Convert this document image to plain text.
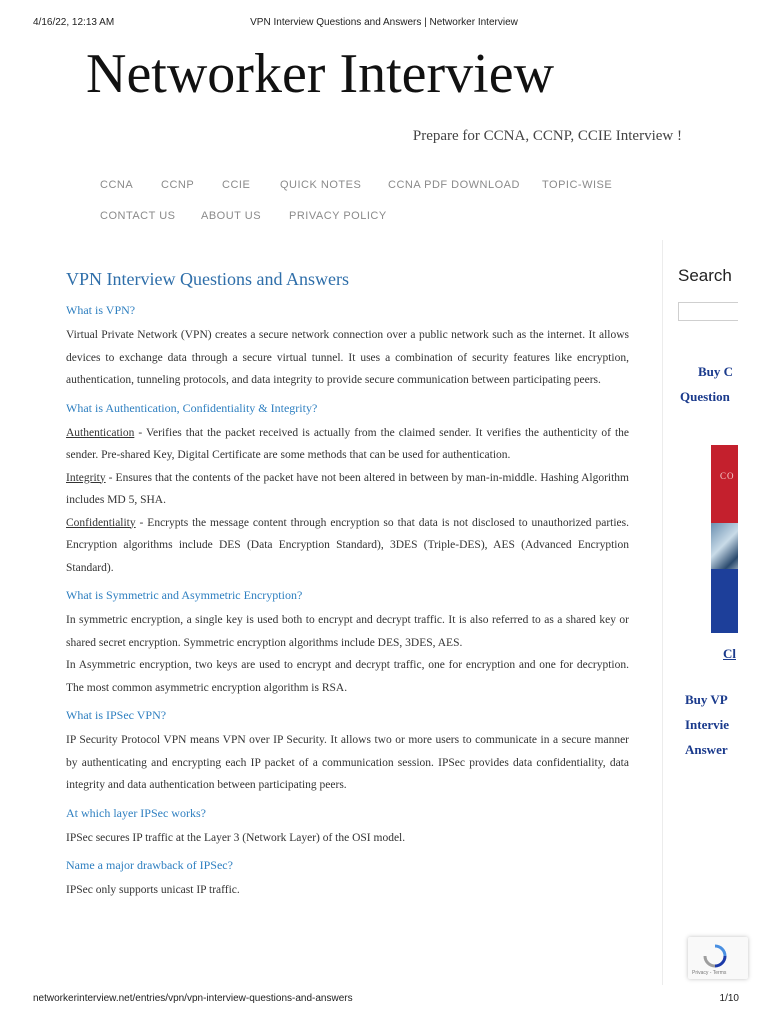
4/16/22, 12:13 AM	VPN Interview Questions and Answers | Networker Interview
Networker Interview
Prepare for CCNA, CCNP, CCIE Interview !
CCNA	CCNP	CCIE	QUICK NOTES CCNA PDF DOWNLOAD TOPIC-WISE
CONTACT US ABOUT US	PRIVACY POLICY
VPN Interview Questions and Answers
What is VPN?

Virtual Private Network (VPN) creates a secure network connection over a public network such as the internet. It allows devices to exchange data through a secure virtual tunnel. It uses a combination of security features like encryption, authentication, tunneling protocols, and data integrity to provide secure communication between participating peers.

What is Authentication, Confidentiality & Integrity?

Authentication - Verifies that the packet received is actually from the claimed sender. It verifies the authenticity of the sender. Pre-shared Key, Digital Certificate are some methods that can be used for authentication.

Integrity - Ensures that the contents of the packet have not been altered in between by man-in-middle. Hashing Algorithm includes MD 5, SHA.

Confidentiality - Encrypts the message content through encryption so that data is not disclosed to unauthorized parties. Encryption algorithms include DES (Data Encryption Standard), 3DES (Triple-DES), AES (Advanced Encryption Standard).

What is Symmetric and Asymmetric Encryption?

In symmetric encryption, a single key is used both to encrypt and decrypt traffic. It is also referred to as a shared key or shared secret encryption. Symmetric encryption algorithms include DES, 3DES, AES.

In Asymmetric encryption, two keys are used to encrypt and decrypt traffic, one for encryption and one for decryption. The most common asymmetric encryption algorithm is RSA.

What is IPSec VPN?

IP Security Protocol VPN means VPN over IP Security. It allows two or more users to communicate in a secure manner by authenticating and encrypting each IP packet of a communication session. IPSec provides data confidentiality, data integrity and data authentication between participating peers.

At which layer IPSec works?

IPSec secures IP traffic at the Layer 3 (Network Layer) of the OSI model.

Name a major drawback of IPSec?

IPSec only supports unicast IP traffic.

Search
Buy C
Question
CO
Cl
Buy VP
Intervie
Answer
Privacy - Terms
networkerinterview.net/entries/vpn/vpn-interview-questions-and-answers	1/10
